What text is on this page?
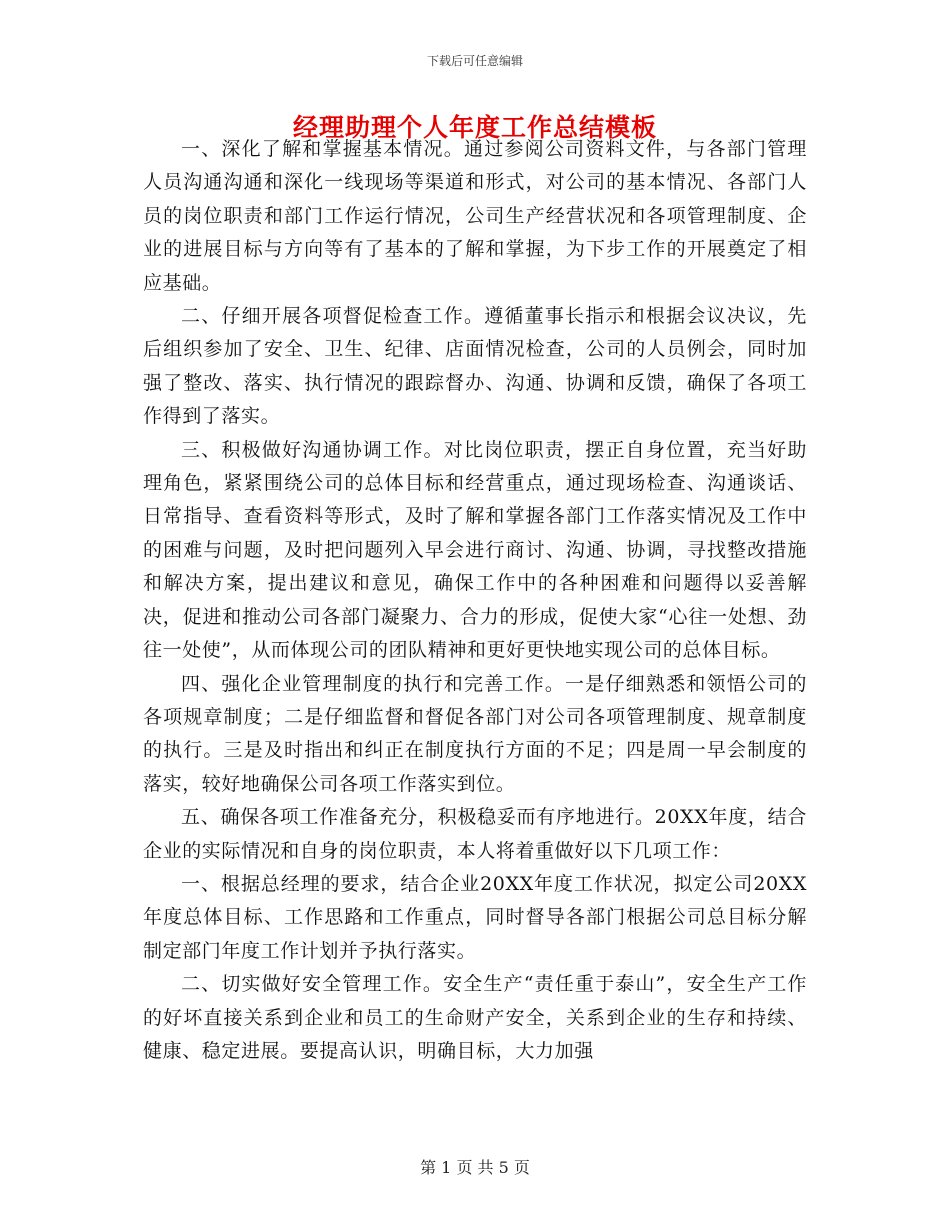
下载后可任意编辑
经理助理个人年度工作总结模板

一、深化了解和掌握基本情况。通过参阅公司资料文件，与各部门管理人员沟通沟通和深化一线现场等渠道和形式，对公司的基本情况、各部门人员的岗位职责和部门工作运行情况，公司生产经营状况和各项管理制度、企业的进展目标与方向等有了基本的了解和掌握，为下步工作的开展奠定了相应基础。

二、仔细开展各项督促检查工作。遵循董事长指示和根据会议决议，先后组织参加了安全、卫生、纪律、店面情况检查，公司的人员例会，同时加强了整改、落实、执行情况的跟踪督办、沟通、协调和反馈，确保了各项工作得到了落实。

三、积极做好沟通协调工作。对比岗位职责，摆正自身位置，充当好助理角色，紧紧围绕公司的总体目标和经营重点，通过现场检查、沟通谈话、日常指导、查看资料等形式，及时了解和掌握各部门工作落实情况及工作中的困难与问题，及时把问题列入早会进行商讨、沟通、协调，寻找整改措施和解决方案，提出建议和意见，确保工作中的各种困难和问题得以妥善解决，促进和推动公司各部门凝聚力、合力的形成，促使大家“心往一处想、劲往一处使”，从而体现公司的团队精神和更好更快地实现公司的总体目标。

四、强化企业管理制度的执行和完善工作。一是仔细熟悉和领悟公司的各项规章制度；二是仔细监督和督促各部门对公司各项管理制度、规章制度的执行。三是及时指出和纠正在制度执行方面的不足；四是周一早会制度的落实，较好地确保公司各项工作落实到位。

五、确保各项工作准备充分，积极稳妥而有序地进行。20XX年度，结合企业的实际情况和自身的岗位职责，本人将着重做好以下几项工作：

一、根据总经理的要求，结合企业20XX年度工作状况，拟定公司20XX年度总体目标、工作思路和工作重点，同时督导各部门根据公司总目标分解制定部门年度工作计划并予执行落实。

二、切实做好安全管理工作。安全生产“责任重于泰山”，安全生产工作的好坏直接关系到企业和员工的生命财产安全，关系到企业的生存和持续、健康、稳定进展。要提高认识，明确目标，大力加强

第 1 页 共 5 页
